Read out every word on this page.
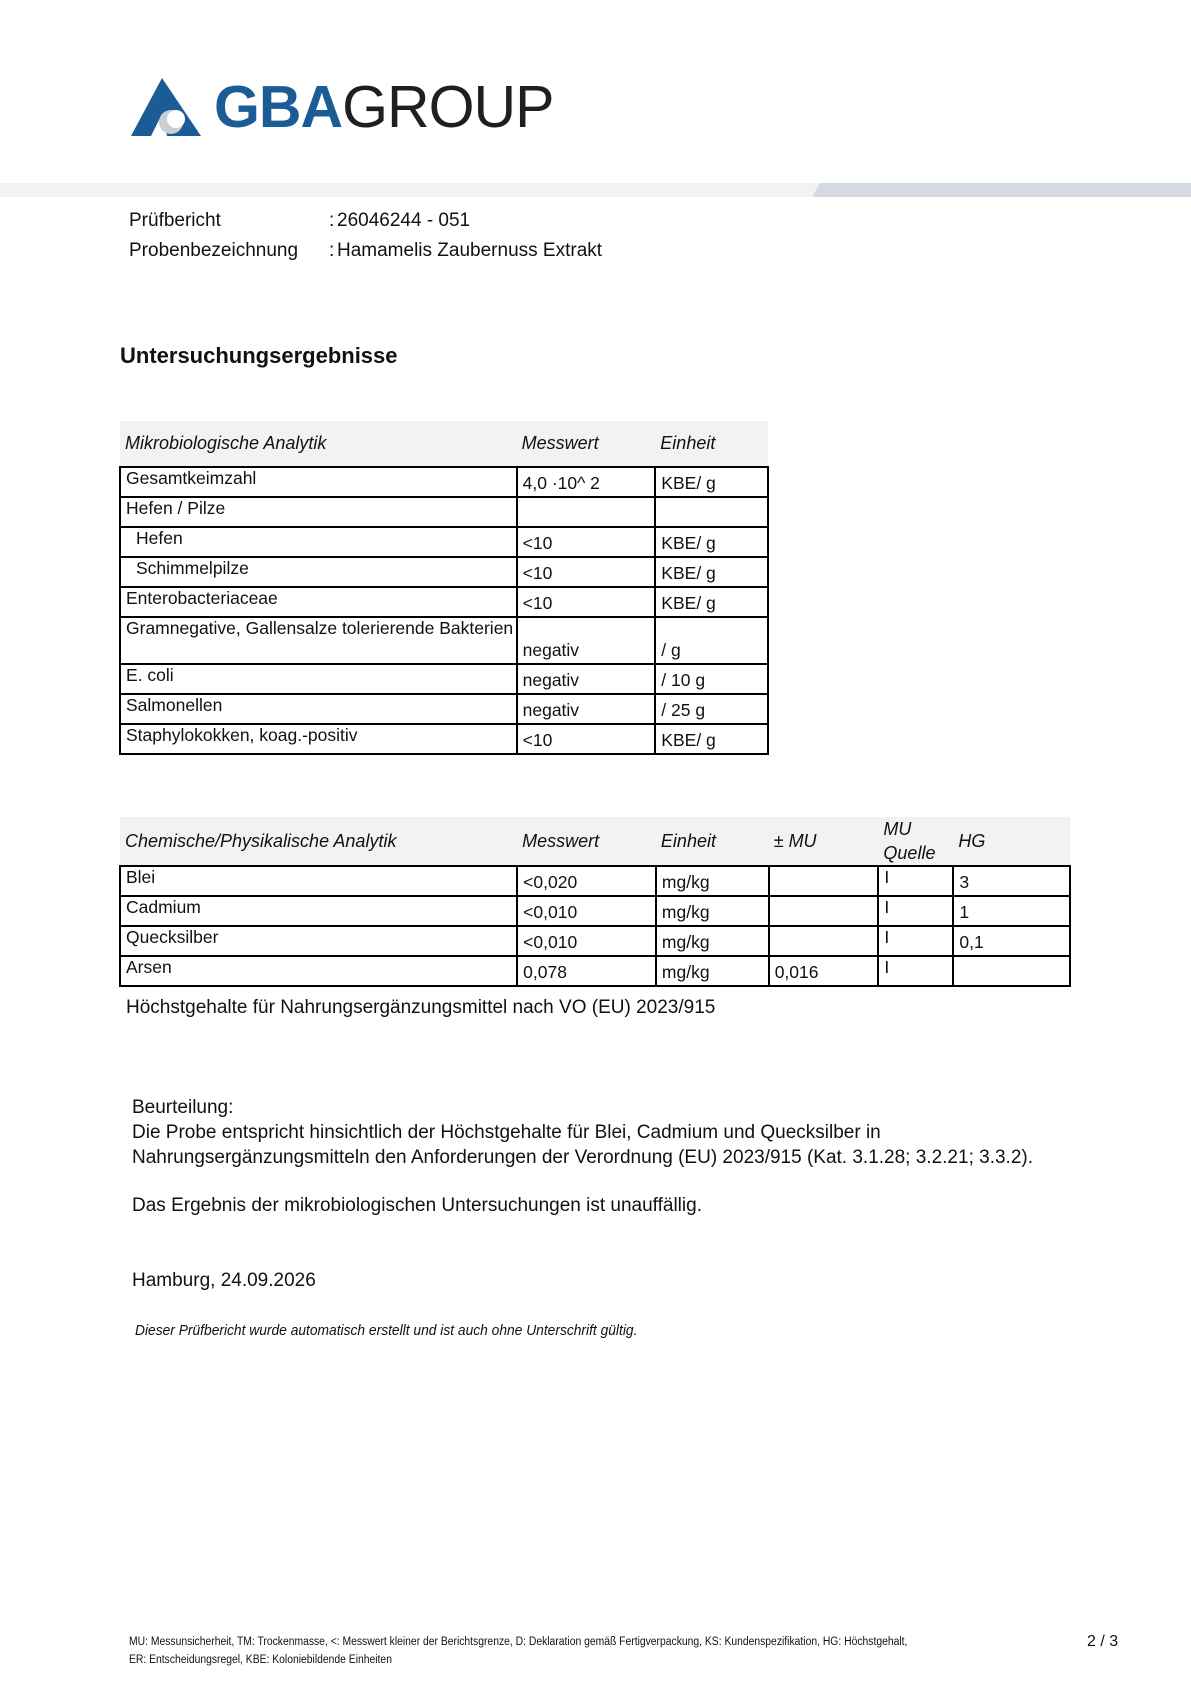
GBAGROUP
Prüfbericht	: 26046244 - 051
Probenbezeichnung : Hamamelis Zaubernuss Extrakt
Untersuchungsergebnisse
Mikrobiologische Analytik	Messwert	Einheit
Gesamtkeimzahl	4,0 ·10^ 2	KBE/ g
Hefen / Pilze		
Hefen	<10	KBE/ g
Schimmelpilze	<10	KBE/ g
Enterobacteriaceae	<10	KBE/ g
Gramnegative, Gallensalze tolerierende Bakterien	negativ	/ g
E. coli	negativ	/ 10 g
Salmonellen	negativ	/ 25 g
Staphylokokken, koag.-positiv	<10	KBE/ g
Chemische/Physikalische Analytik	Messwert	Einheit	± MU	MU Quelle	HG
Blei	<0,020	mg/kg		I	3
Cadmium	<0,010	mg/kg		I	1
Quecksilber	<0,010	mg/kg		I	0,1
Arsen	0,078	mg/kg	0,016	I	
Höchstgehalte für Nahrungsergänzungsmittel nach VO (EU) 2023/915
Beurteilung:
Die Probe entspricht hinsichtlich der Höchstgehalte für Blei, Cadmium und Quecksilber in
Nahrungsergänzungsmitteln den Anforderungen der Verordnung (EU) 2023/915 (Kat. 3.1.28; 3.2.21; 3.3.2).
Das Ergebnis der mikrobiologischen Untersuchungen ist unauffällig.
Hamburg, 24.09.2026
Dieser Prüfbericht wurde automatisch erstellt und ist auch ohne Unterschrift gültig.
MU: Messunsicherheit, TM: Trockenmasse, <: Messwert kleiner der Berichtsgrenze, D: Deklaration gemäß Fertigverpackung, KS: Kundenspezifikation, HG: Höchstgehalt,
ER: Entscheidungsregel, KBE: Koloniebildende Einheiten
2 / 3
